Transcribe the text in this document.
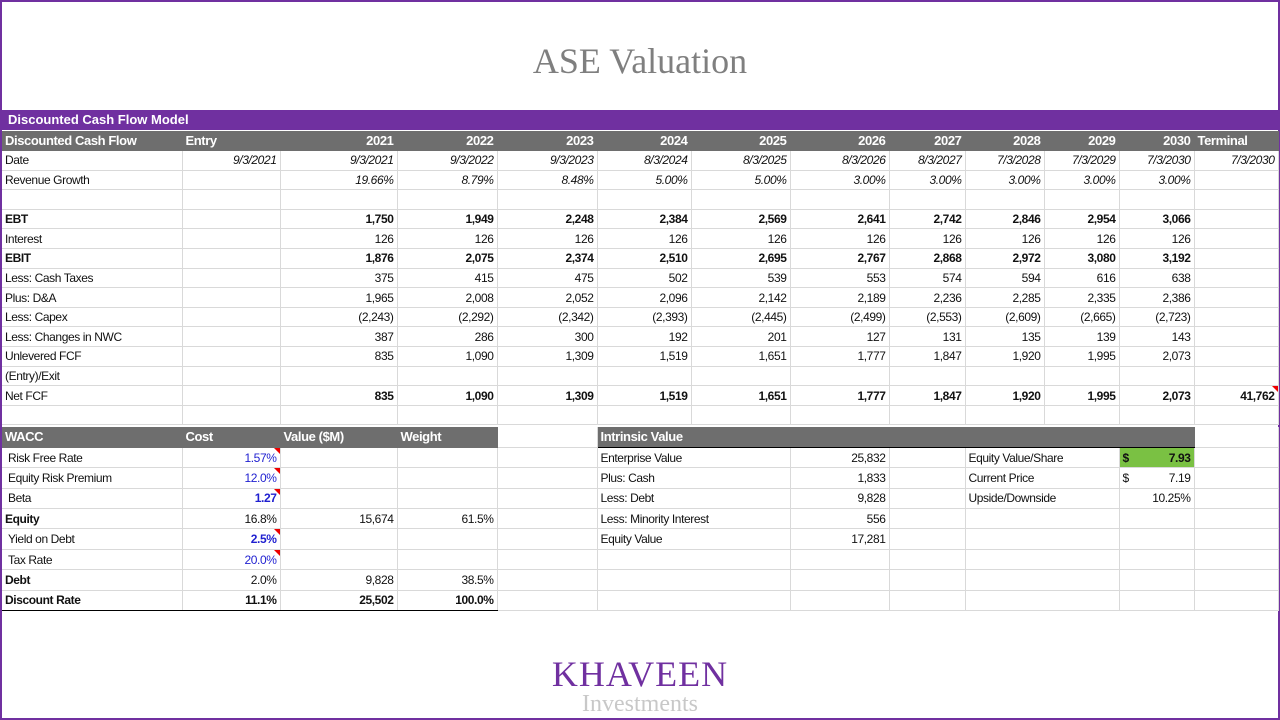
ASE Valuation
Discounted Cash Flow Model
Discounted Cash Flow	Entry	2021	2022	2023	2024	2025	2026	2027	2028	2029	2030	Terminal
Date	9/3/2021	9/3/2021	9/3/2022	9/3/2023	8/3/2024	8/3/2025	8/3/2026	8/3/2027	7/3/2028	7/3/2029	7/3/2030	7/3/2030
Revenue Growth		19.66%	8.79%	8.48%	5.00%	5.00%	3.00%	3.00%	3.00%	3.00%	3.00%	

EBT		1,750	1,949	2,248	2,384	2,569	2,641	2,742	2,846	2,954	3,066	
Interest		126	126	126	126	126	126	126	126	126	126	
EBIT		1,876	2,075	2,374	2,510	2,695	2,767	2,868	2,972	3,080	3,192	
Less: Cash Taxes		375	415	475	502	539	553	574	594	616	638	
Plus: D&A		1,965	2,008	2,052	2,096	2,142	2,189	2,236	2,285	2,335	2,386	
Less: Capex		(2,243)	(2,292)	(2,342)	(2,393)	(2,445)	(2,499)	(2,553)	(2,609)	(2,665)	(2,723)	
Less: Changes in NWC		387	286	300	192	201	127	131	135	139	143	
Unlevered FCF		835	1,090	1,309	1,519	1,651	1,777	1,847	1,920	1,995	2,073	
(Entry)/Exit												
Net FCF		835	1,090	1,309	1,519	1,651	1,777	1,847	1,920	1,995	2,073	41,762

WACC	Cost	Value ($M)	Weight		Intrinsic Value					
Risk Free Rate	1.57%				Enterprise Value	25,832		Equity Value/Share	$ 7.93	

Equity Risk Premium	12.0%				Plus: Cash	1,833		Current Price	$ 7.19	

Beta	1.27				Less: Debt	9,828		Upside/Downside	10.25%	

Equity	16.8%	15,674	61.5%		Less: Minority Interest	556				
Yield on Debt	2.5%				Equity Value	17,281				
Tax Rate	20.0%									
Debt	2.0%	9,828	38.5%							
Discount Rate	11.1%	25,502	100.0%							
KHAVEEN
Investments
